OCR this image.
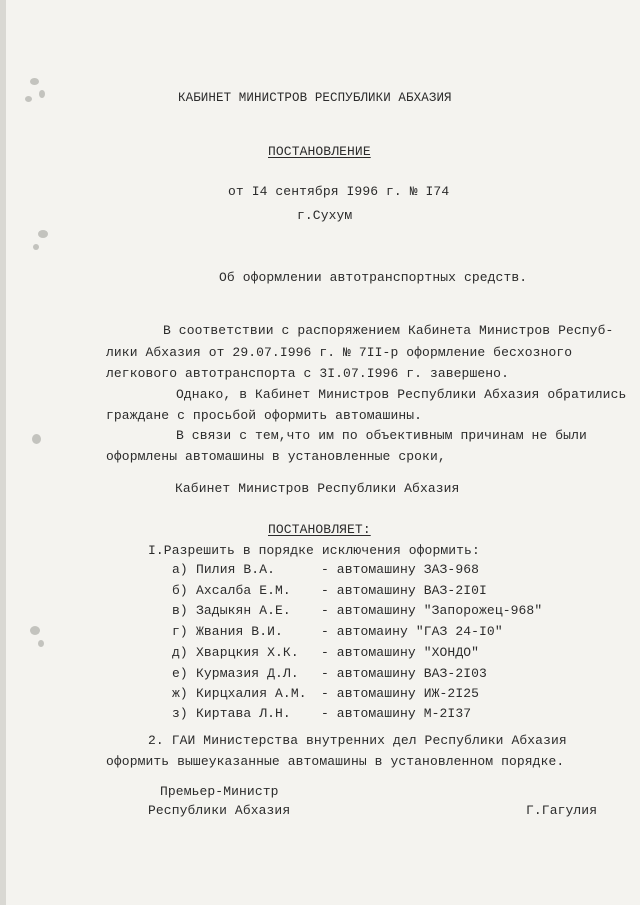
КАБИНЕТ МИНИСТРОВ РЕСПУБЛИКИ АБХАЗИЯ
ПОСТАНОВЛЕНИЕ
от I4 сентября I996 г. № I74
г.Сухум
Об оформлении автотранспортных средств.
В соответствии с распоряжением Кабинета Министров Респуб-
лики Абхазия от 29.07.I996 г. № 7II-р оформление бесхозного
легкового автотранспорта с 3I.07.I996 г. завершено.
Однако, в Кабинет Министров Республики Абхазия обратились
граждане с просьбой оформить автомашины.
В связи с тем,что им по объективным причинам не были
оформлены автомашины в установленные сроки,
Кабинет Министров Республики Абхазия
ПОСТАНОВЛЯЕТ:
I.Разрешить в порядке исключения оформить:
а) Пилия В.А.	- автомашину ЗАЗ-968
б) Ахсалба Е.М. - автомашину ВАЗ-2I0I
в) Задыкян А.Е. - автомашину "Запорожец-968"
г) Жвания В.И.	- автомаину "ГАЗ 24-I0"
д) Хварцкия Х.К. - автомашину "ХОНДО"
е) Курмазия Д.Л. - автомашину ВАЗ-2I03
ж) Кирцхалия А.М. - автомашину ИЖ-2I25
з) Киртава Л.Н. - автомашину М-2I37
2. ГАИ Министерства внутренних дел Республики Абхазия
оформить вышеуказанные автомашины в установленном порядке.
Премьер-Министр
Республики Абхазия	Г.Гагулия
